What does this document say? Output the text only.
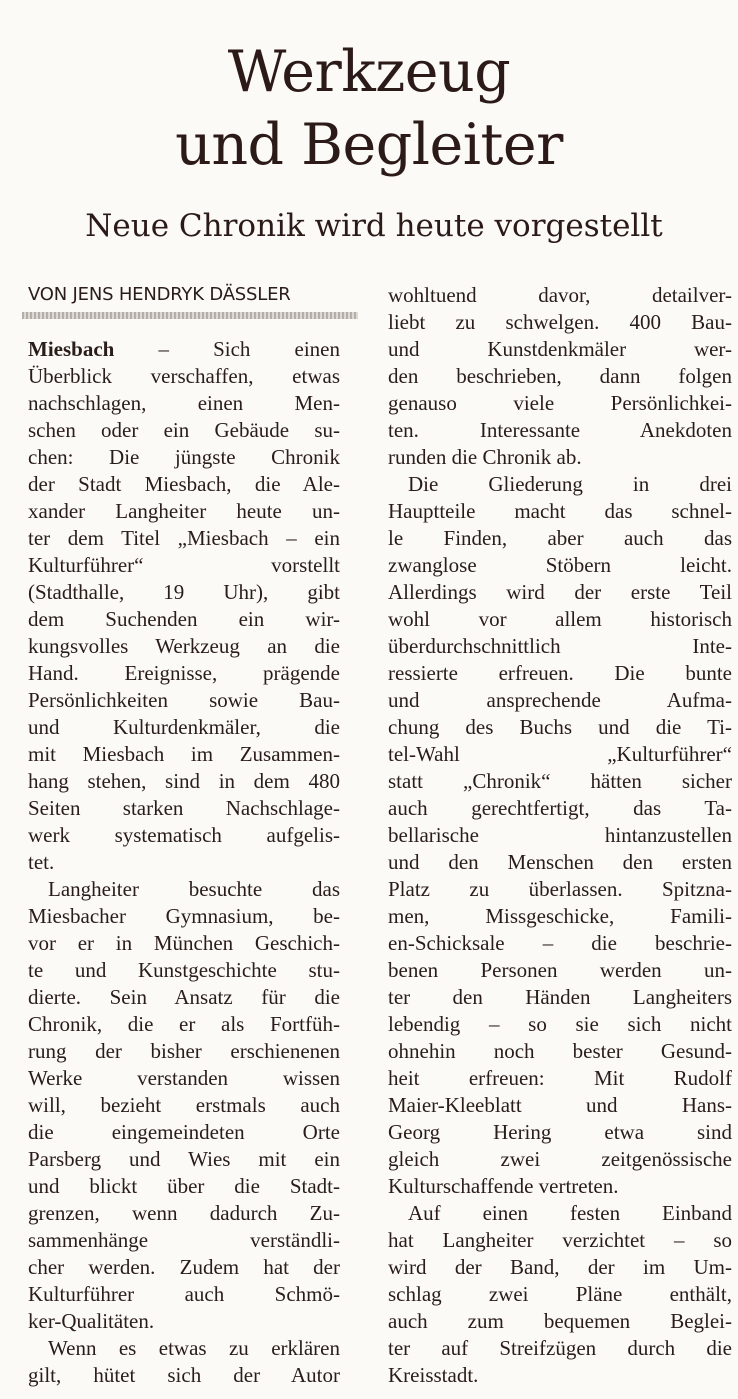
Werkzeug
und Begleiter
Neue Chronik wird heute vorgestellt
VON JENS HENDRYK DÄSSLER
Miesbach – Sich einen
Überblick verschaffen, etwas
nachschlagen, einen Men-
schen oder ein Gebäude su-
chen: Die jüngste Chronik
der Stadt Miesbach, die Ale-
xander Langheiter heute un-
ter dem Titel „Miesbach – ein
Kulturführer“ vorstellt
(Stadthalle, 19 Uhr), gibt
dem Suchenden ein wir-
kungsvolles Werkzeug an die
Hand. Ereignisse, prägende
Persönlichkeiten sowie Bau-
und Kulturdenkmäler, die
mit Miesbach im Zusammen-
hang stehen, sind in dem 480
Seiten starken Nachschlage-
werk systematisch aufgelis-
tet.
Langheiter besuchte das
Miesbacher Gymnasium, be-
vor er in München Geschich-
te und Kunstgeschichte stu-
dierte. Sein Ansatz für die
Chronik, die er als Fortfüh-
rung der bisher erschienenen
Werke verstanden wissen
will, bezieht erstmals auch
die eingemeindeten Orte
Parsberg und Wies mit ein
und blickt über die Stadt-
grenzen, wenn dadurch Zu-
sammenhänge verständli-
cher werden. Zudem hat der
Kulturführer auch Schmö-
ker-Qualitäten.
Wenn es etwas zu erklären
gilt, hütet sich der Autor
wohltuend davor, detailver-
liebt zu schwelgen. 400 Bau-
und Kunstdenkmäler wer-
den beschrieben, dann folgen
genauso viele Persönlichkei-
ten. Interessante Anekdoten
runden die Chronik ab.
Die Gliederung in drei
Hauptteile macht das schnel-
le Finden, aber auch das
zwanglose Stöbern leicht.
Allerdings wird der erste Teil
wohl vor allem historisch
überdurchschnittlich Inte-
ressierte erfreuen. Die bunte
und ansprechende Aufma-
chung des Buchs und die Ti-
tel-Wahl „Kulturführer“
statt „Chronik“ hätten sicher
auch gerechtfertigt, das Ta-
bellarische hintanzustellen
und den Menschen den ersten
Platz zu überlassen. Spitzna-
men, Missgeschicke, Famili-
en-Schicksale – die beschrie-
benen Personen werden un-
ter den Händen Langheiters
lebendig – so sie sich nicht
ohnehin noch bester Gesund-
heit erfreuen: Mit Rudolf
Maier-Kleeblatt und Hans-
Georg Hering etwa sind
gleich zwei zeitgenössische
Kulturschaffende vertreten.
Auf einen festen Einband
hat Langheiter verzichtet – so
wird der Band, der im Um-
schlag zwei Pläne enthält,
auch zum bequemen Beglei-
ter auf Streifzügen durch die
Kreisstadt.
